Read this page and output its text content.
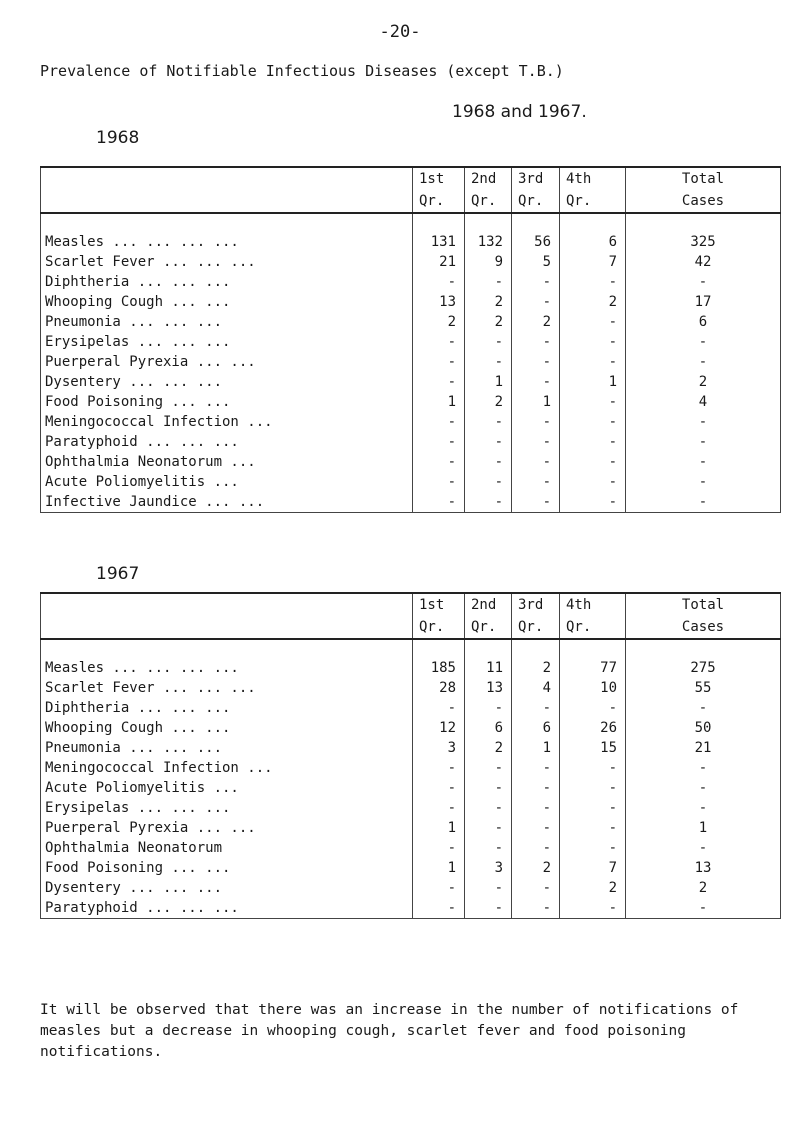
-20-
Prevalence of Notifiable Infectious Diseases (except T.B.)
1968 and 1967.
1968
	1st	2nd	3rd	4th	Total
	Qr.	Qr.	Qr.	Qr.	Cases

Measles ... ... ... ...	131	132	56	6	325
Scarlet Fever ... ... ...	21	9	5	7	42
Diphtheria ... ... ...	-	-	-	-	-
Whooping Cough ... ...	13	2	-	2	17
Pneumonia ... ... ...	2	2	2	-	6
Erysipelas ... ... ...	-	-	-	-	-
Puerperal Pyrexia ... ...	-	-	-	-	-
Dysentery ... ... ...	-	1	-	1	2
Food Poisoning ... ...	1	2	1	-	4
Meningococcal Infection ...	-	-	-	-	-
Paratyphoid ... ... ...	-	-	-	-	-
Ophthalmia Neonatorum ...	-	-	-	-	-
Acute Poliomyelitis ...	-	-	-	-	-
Infective Jaundice ... ...	-	-	-	-	-
1967
	1st	2nd	3rd	4th	Total
	Qr.	Qr.	Qr.	Qr.	Cases

Measles ... ... ... ...	185	11	2	77	275
Scarlet Fever ... ... ...	28	13	4	10	55
Diphtheria ... ... ...	-	-	-	-	-
Whooping Cough ... ...	12	6	6	26	50
Pneumonia ... ... ...	3	2	1	15	21
Meningococcal Infection ...	-	-	-	-	-
Acute Poliomyelitis ...	-	-	-	-	-
Erysipelas ... ... ...	-	-	-	-	-
Puerperal Pyrexia ... ...	1	-	-	-	1
Ophthalmia Neonatorum	-	-	-	-	-
Food Poisoning ... ...	1	3	2	7	13
Dysentery ... ... ...	-	-	-	2	2
Paratyphoid ... ... ...	-	-	-	-	-
It will be observed that there was an increase in the number of notifications of measles but a decrease in whooping cough, scarlet fever and food poisoning notifications.
